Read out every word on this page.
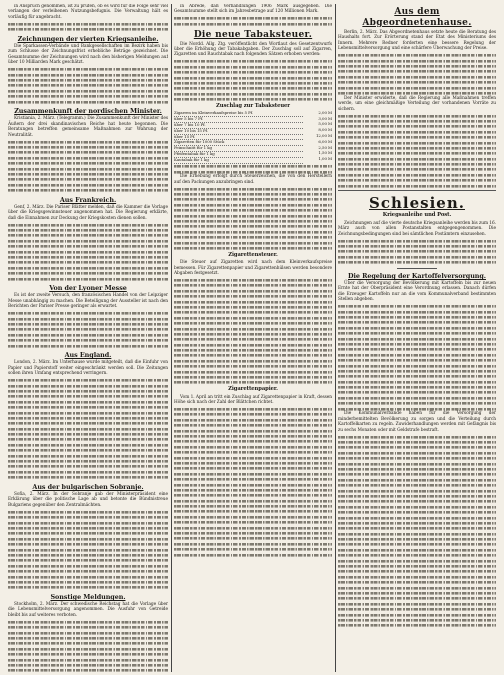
in Anspruch genommen, ist zu prüfen, ob es wird für die Folge sehr viel verlangen der verleihenen Nutzungsbefugnis. Die Verwaltung hält es vorläufig für angebracht.

Zeichnungen der vierten Kriegsanleihe.

Die Sparkassen-Verbände und Bankgesellschaften im Bezirk haben bis zum Schlusse der Zeichnungsfrist erhebliche Beträge gezeichnet. Die Gesamtsumme der Zeichnungen wird nach den bisherigen Meldungen auf über 10 Milliarden Mark geschätzt.

Zusammenkunft der nordischen Minister.

Kristiania, 2. März. (Telegramm.) Die Zusammenkunft der Minister des Äußern der drei skandinavischen Reiche hat heute begonnen. Die Beratungen betreffen gemeinsame Maßnahmen zur Wahrung der Neutralität.

Aus Frankreich.

Genf, 2. März. Die Pariser Blätter melden, daß die Kammer die Vorlage über die Kriegsgewinnsteuer angenommen hat. Die Regierung erklärte, daß die Einnahmen zur Deckung der Kriegskosten dienen sollen.

Von der Lyoner Messe

Es ist der zweite Versuch, den französischen Handel von der Leipziger Messe unabhängig zu machen. Die Beteiligung der Aussteller ist nach den Berichten der Pariser Presse geringer als erwartet.

Aus England.

London, 2. März. Im Unterhause wurde mitgeteilt, daß die Einfuhr von Papier und Papierstoff weiter eingeschränkt werden soll. Die Zeitungen sollen ihren Umfang entsprechend verringern.

Aus der bulgarischen Sobranje.

Sofia, 2. März. In der Sobranje gab der Ministerpräsident eine Erklärung über die politische Lage ab und betonte die Bündnistreue Bulgariens gegenüber den Zentralmächten.

Sonstige Meldungen.

Stockholm, 2. März. Der schwedische Reichstag hat die Vorlage über die Lebensmittelversorgung angenommen. Die Ausfuhr von Getreide bleibt bis auf weiteres verboten.

in Abrede, daß Verhandlungen 1906 Mark ausgegeben. Die Gesamtsumme stellt sich im Jahresbetrage auf 120 Millionen Mark.

Die neue Tabaksteuer.

Die Nordd. Allg. Ztg. veröffentlicht den Wortlaut des Gesetzentwurfs über die Erhöhung der Tabakabgaben. Der Zuschlag soll auf Zigarren, Zigaretten und Rauchtabak nach folgenden Sätzen erhoben werden:

Zuschlag zur Tabaksteuer
Zigarren im Kleinverkaufspreise bis 5 Pf.	2,00 M
über 5 bis 7 Pf.	3,00 M
über 7 bis 10 Pf.	5,00 M
über 10 bis 15 Pf.	8,00 M
über 15 Pf.	12,00 M
Zigaretten für 1000 Stück	6,00 M
Feinschnitt für 1 kg	2,50 M
Pfeifentabak für 1 kg	1,50 M
Kautabak für 1 kg	1,00 M

Die Erhebung erfolgt durch Steuerzeichen, die von den Herstellern auf den Packungen anzubringen sind.

Zigarettensteuer.

Die Steuer auf Zigaretten wird nach dem Kleinverkaufspreise bemessen. Für Zigarettenpapier und Zigarettenhülsen werden besondere Abgaben festgesetzt.

Zigarettenpapier.

Vom 1. April an tritt ein Zuschlag auf Zigarettenpapier in Kraft, dessen Höhe sich nach der Zahl der Blättchen richtet.

Aus dem Abgeordnetenhause.

Berlin, 2. März. Das Abgeordnetenhaus setzte heute die Beratung des Haushalts fort. Zur Erörterung stand der Etat des Ministeriums des Innern. Mehrere Redner forderten eine bessere Regelung der Lebensmittelversorgung und eine schärfere Überwachung der Preise.

Der Minister erwiderte, daß die Regierung alle Maßnahmen treffen werde, um eine gleichmäßige Verteilung der vorhandenen Vorräte zu sichern.

Schlesien.
Kriegsanleihe und Post.

Zeichnungen auf die vierte deutsche Kriegsanleihe werden bis zum 16. März auch von allen Postanstalten entgegengenommen. Die Zeichnungsbedingungen sind bei sämtlichen Postämtern einzusehen.

Die Regelung der Kartoffelversorgung.

Über die Versorgung der Bevölkerung mit Kartoffeln bis zur neuen Ernte hat der Oberpräsident eine Verordnung erlassen. Danach dürfen die Erzeuger Kartoffeln nur an die vom Kommunalverband bestimmten Stellen abgeben.

Die Kommunalverbände haben für die Versorgung der minderbemittelten Bevölkerung zu sorgen und die Verteilung durch Kartoffelkarten zu regeln. Zuwiderhandlungen werden mit Gefängnis bis zu sechs Monaten oder mit Geldstrafe bestraft.
